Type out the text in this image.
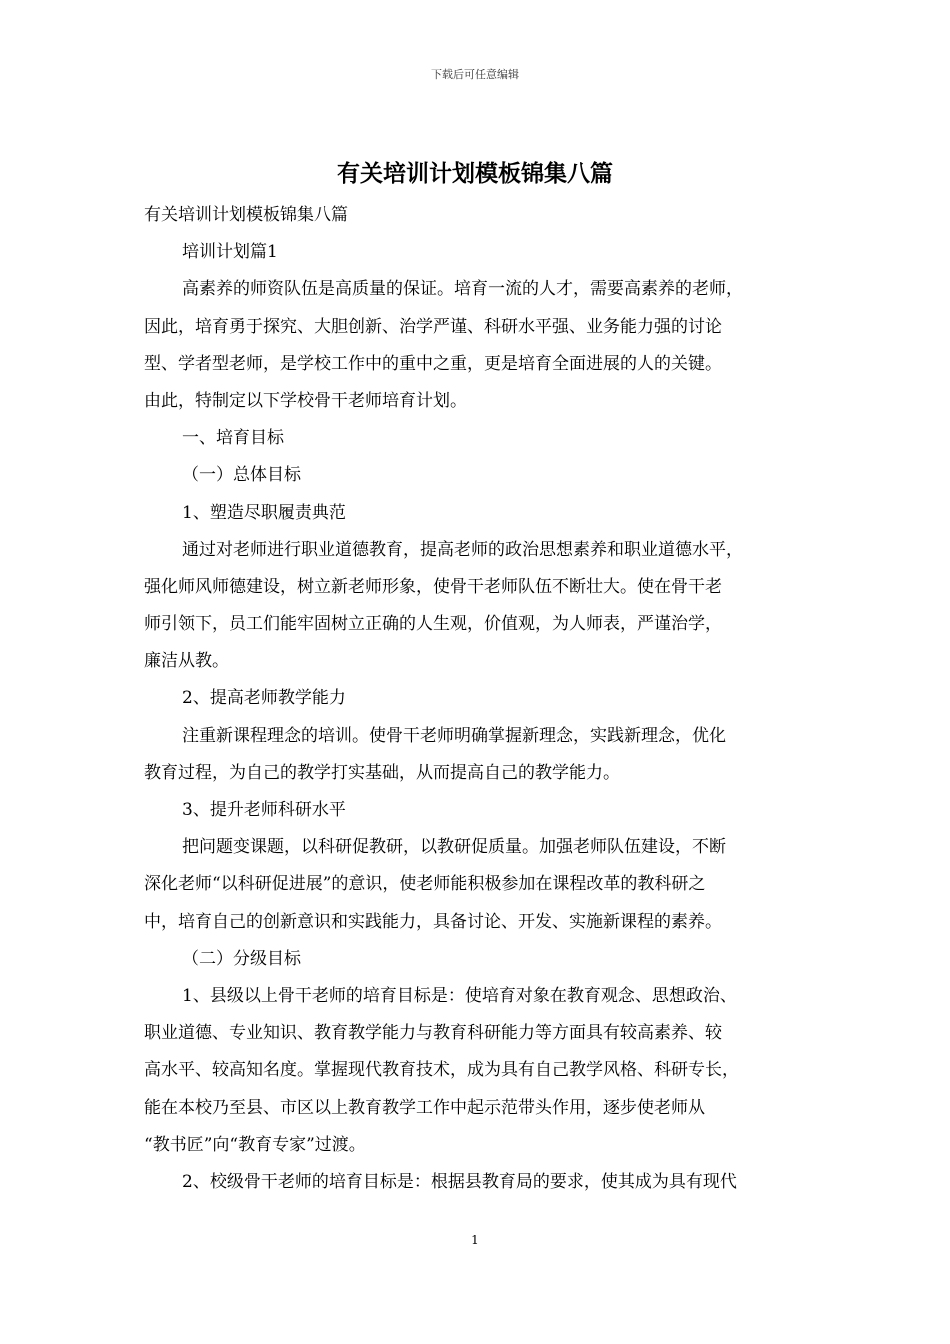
下载后可任意编辑
有关培训计划模板锦集八篇
有关培训计划模板锦集八篇
培训计划篇1
高素养的师资队伍是高质量的保证。培育一流的人才，需要高素养的老师，
因此，培育勇于探究、大胆创新、治学严谨、科研水平强、业务能力强的讨论
型、学者型老师，是学校工作中的重中之重，更是培育全面进展的人的关键。
由此，特制定以下学校骨干老师培育计划。
一、培育目标
（一）总体目标
1、塑造尽职履责典范
通过对老师进行职业道德教育，提高老师的政治思想素养和职业道德水平，
强化师风师德建设，树立新老师形象，使骨干老师队伍不断壮大。使在骨干老
师引领下，员工们能牢固树立正确的人生观，价值观，为人师表，严谨治学，
廉洁从教。
2、提高老师教学能力
注重新课程理念的培训。使骨干老师明确掌握新理念，实践新理念，优化
教育过程，为自己的教学打实基础，从而提高自己的教学能力。
3、提升老师科研水平
把问题变课题，以科研促教研，以教研促质量。加强老师队伍建设，不断
深化老师“以科研促进展”的意识，使老师能积极参加在课程改革的教科研之
中，培育自己的创新意识和实践能力，具备讨论、开发、实施新课程的素养。
（二）分级目标
1、县级以上骨干老师的培育目标是：使培育对象在教育观念、思想政治、
职业道德、专业知识、教育教学能力与教育科研能力等方面具有较高素养、较
高水平、较高知名度。掌握现代教育技术，成为具有自己教学风格、科研专长，
能在本校乃至县、市区以上教育教学工作中起示范带头作用，逐步使老师从
“教书匠”向“教育专家”过渡。
2、校级骨干老师的培育目标是：根据县教育局的要求，使其成为具有现代
1
